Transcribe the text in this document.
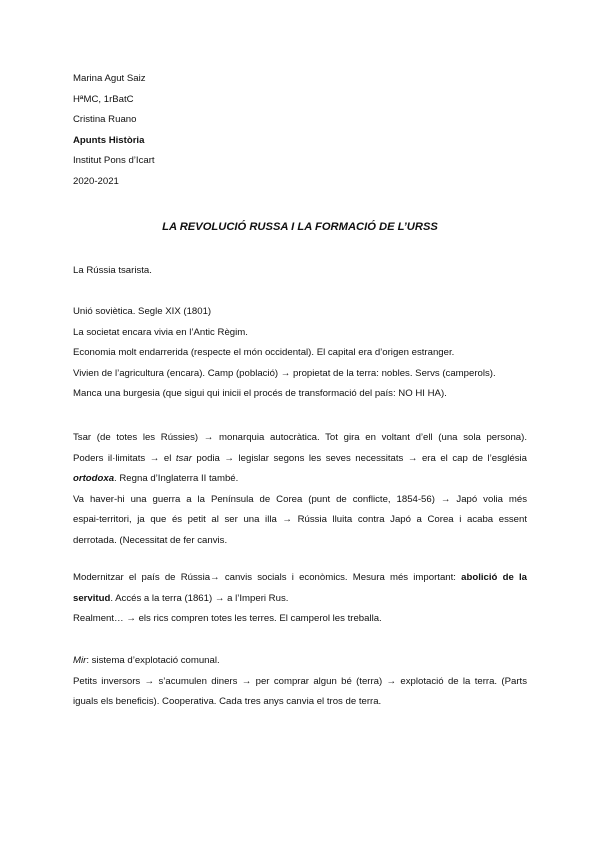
Marina Agut Saiz

HªMC, 1rBatC

Cristina Ruano

Apunts Història

Institut Pons d’Icart

2020-2021

LA REVOLUCIÓ RUSSA I LA FORMACIÓ DE L’URSS

La Rússia tsarista.

Unió soviètica. Segle XIX (1801)

La societat encara vivia en l’Antic Règim.

Economia molt endarrerida (respecte el món occidental). El capital era d’origen estranger.

Vivien de l’agricultura (encara). Camp (població) → propietat de la terra: nobles. Servs (camperols).

Manca una burgesia (que sigui qui inicii el procés de transformació del país: NO HI HA).

Tsar (de totes les Rússies) → monarquia autocràtica. Tot gira en voltant d’ell (una sola persona).

Poders il·limitats → el tsar podia → legislar segons les seves necessitats → era el cap de l’església

ortodoxa. Regna d’Inglaterra II també.

Va haver-hi una guerra a la Península de Corea (punt de conflicte, 1854-56) → Japó volia més

espai-territori, ja que és petit al ser una illa → Rússia lluita contra Japó a Corea i acaba essent

derrotada. (Necessitat de fer canvis.

Modernitzar el país de Rússia→ canvis socials i econòmics. Mesura més important: abolició de la

servitud. Accés a la terra (1861) → a l’Imperi Rus.

Realment… → els rics compren totes les terres. El camperol les treballa.

Mir: sistema d’explotació comunal.

Petits inversors → s’acumulen diners → per comprar algun bé (terra) → explotació de la terra. (Parts

iguals els beneficis). Cooperativa. Cada tres anys canvia el tros de terra.
